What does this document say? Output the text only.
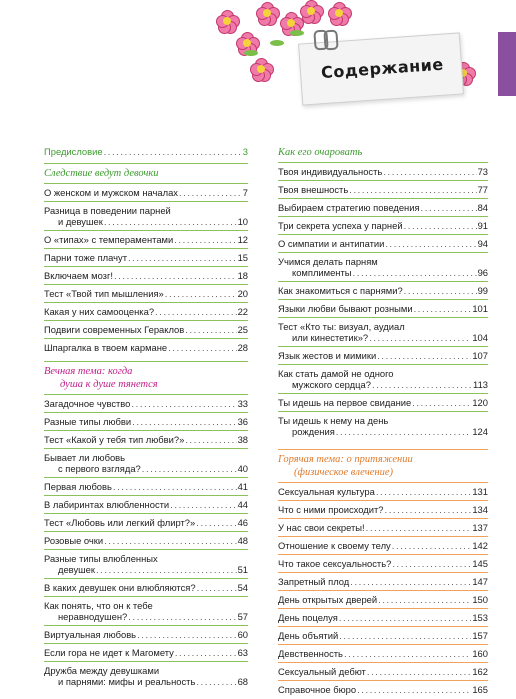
Содержание
Предисловие . . .	3
Следствие ведут девочки
О женском и мужском началах . . .	7
Разница в поведении парней
и девушек . . .	10
О «типах» с темпераментами . . .	12
Парни тоже плачут . . .	15
Включаем мозг! . . .	18
Тест «Твой тип мышления» . . .	20
Какая у них самооценка? . . .	22
Подвиги современных Гераклов . . .	25
Шпаргалка в твоем кармане . . .	28
Вечная тема: когда
душа к душе тянется
Загадочное чувство . . .	33
Разные типы любви . . .	36
Тест «Какой у тебя тип любви?» . . .	38
Бывает ли любовь
с первого взгляда? . . .	40
Первая любовь . . .	41
В лабиринтах влюбленности . . .	44
Тест «Любовь или легкий флирт?» . . .	46
Розовые очки . . .	48
Разные типы влюбленных
девушек . . .	51
В каких девушек они влюбляются? . . .	54
Как понять, что он к тебе
неравнодушен? . . .	57
Виртуальная любовь . . .	60
Если гора не идет к Магомету . . .	63
Дружба между девушками
и парнями: мифы и реальность . . .	68
Как его очаровать
Твоя индивидуальность . . .	73
Твоя внешность . . .	77
Выбираем стратегию поведения . . .	84
Три секрета успеха у парней . . .	91
О симпатии и антипатии . . .	94
Учимся делать парням
комплименты . . .	96
Как знакомиться с парнями? . . .	99
Языки любви бывают розными . . .	101
Тест «Кто ты: визуал, аудиал
или кинестетик»? . . .	104
Язык жестов и мимики . . .	107
Как стать дамой не одного
мужского сердца? . . .	113
Ты идешь на первое свидание . . .	120
Ты идешь к нему на день
рождения . . .	124
Горячая тема: о притяжении
(физическое влечение)
Сексуальная культура . . .	131
Что с ними происходит? . . .	134
У нас свои секреты! . . .	137
Отношение к своему телу . . .	142
Что такое сексуальность? . . .	145
Запретный плод . . .	147
День открытых дверей . . .	150
День поцелуя . . .	153
День объятий . . .	157
Девственность . . .	160
Сексуальный дебют . . .	162
Справочное бюро . . .	165
